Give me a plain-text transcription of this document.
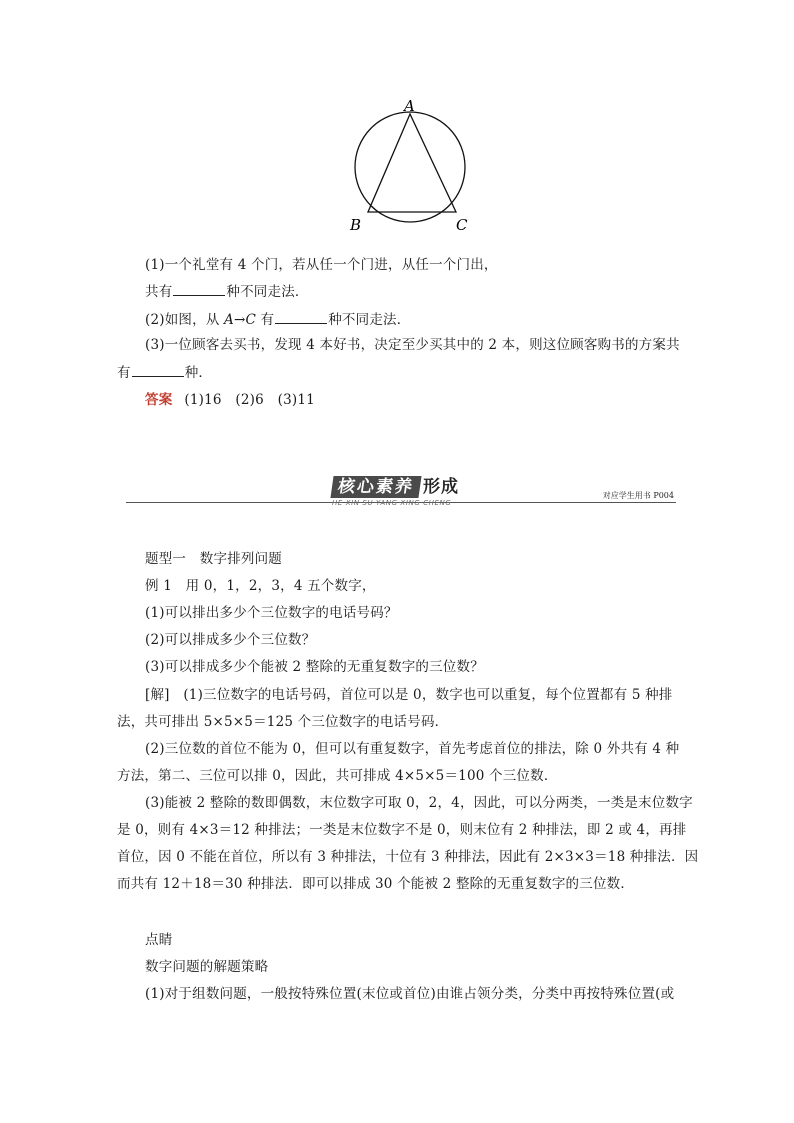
A
B	C
(1)一个礼堂有 4 个门，若从任一个门进，从任一个门出，
共有	种不同走法．
(2)如图，从 A→C 有	种不同走法．
(3)一位顾客去买书，发现 4 本好书，决定至少买其中的 2 本，则这位顾客购书的方案共
有	种．
答案 (1)16　(2)6　(3)11
核心素养 形成
HE XIN SU YANG XING CHENG
对应学生用书 P004
题型一　数字排列问题
例 1　用 0，1，2，3，4 五个数字，
(1)可以排出多少个三位数字的电话号码？
(2)可以排成多少个三位数？
(3)可以排成多少个能被 2 整除的无重复数字的三位数？
[解]　(1)三位数字的电话号码，首位可以是 0，数字也可以重复，每个位置都有 5 种排
法，共可排出 5×5×5＝125 个三位数字的电话号码．
(2)三位数的首位不能为 0，但可以有重复数字，首先考虑首位的排法，除 0 外共有 4 种
方法，第二、三位可以排 0，因此，共可排成 4×5×5＝100 个三位数．
(3)能被 2 整除的数即偶数，末位数字可取 0，2，4，因此，可以分两类，一类是末位数字
是 0，则有 4×3＝12 种排法；一类是末位数字不是 0，则末位有 2 种排法，即 2 或 4，再排
首位，因 0 不能在首位，所以有 3 种排法，十位有 3 种排法，因此有 2×3×3＝18 种排法．因
而共有 12＋18＝30 种排法．即可以排成 30 个能被 2 整除的无重复数字的三位数．
点睛
数字问题的解题策略
(1)对于组数问题，一般按特殊位置(末位或首位)由谁占领分类，分类中再按特殊位置(或
